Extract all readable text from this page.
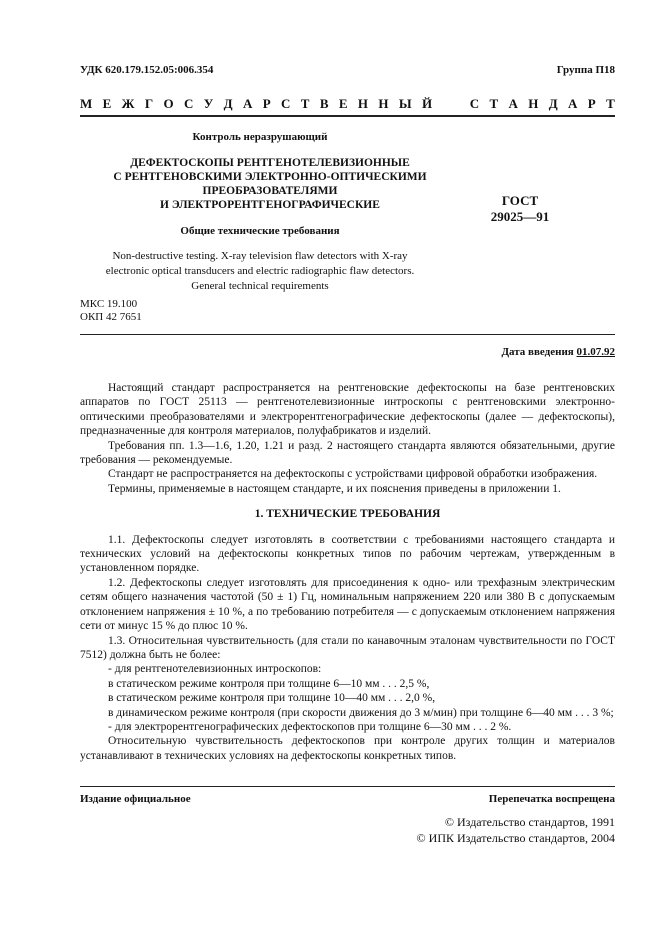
УДК 620.179.152.05:006.354	Группа П18
М Е Ж Г О С У Д А Р С Т В Е Н Н Ы Й

	С Т А Н Д А Р Т
Контроль неразрушающий
ДЕФЕКТОСКОПЫ РЕНТГЕНОТЕЛЕВИЗИОННЫЕ
С РЕНТГЕНОВСКИМИ ЭЛЕКТРОННО-ОПТИЧЕСКИМИ
ПРЕОБРАЗОВАТЕЛЯМИ
И ЭЛЕКТРОРЕНТГЕНОГРАФИЧЕСКИЕ	ГОСТ
29025—91
Общие технические требования
Non-destructive testing. X-ray television flaw detectors with X-ray
electronic optical transducers and electric radiographic flaw detectors.
General technical requirements
МКС 19.100
ОКП 42 7651
Дата введения 01.07.92

Настоящий стандарт распространяется на рентгеновские дефектоскопы на базе рентгеновских аппаратов по ГОСТ 25113 — рентгенотелевизионные интроскопы с рентгеновскими электронно-оптическими преобразователями и электрорентгенографические дефектоскопы (далее — дефектоскопы), предназначенные для контроля материалов, полуфабрикатов и изделий.

Требования пп. 1.3—1.6, 1.20, 1.21 и разд. 2 настоящего стандарта являются обязательными, другие требования — рекомендуемые.

Стандарт не распространяется на дефектоскопы с устройствами цифровой обработки изображения.

Термины, применяемые в настоящем стандарте, и их пояснения приведены в приложении 1.

1. ТЕХНИЧЕСКИЕ ТРЕБОВАНИЯ

1.1. Дефектоскопы следует изготовлять в соответствии с требованиями настоящего стандарта и технических условий на дефектоскопы конкретных типов по рабочим чертежам, утвержденным в установленном порядке.

1.2. Дефектоскопы следует изготовлять для присоединения к одно- или трехфазным электрическим сетям общего назначения частотой (50 ± 1) Гц, номинальным напряжением 220 или 380 В с допускаемым отклонением напряжения ± 10 %, а по требованию потребителя — с допускаемым отклонением напряжения сети от минус 15 % до плюс 10 %.

1.3. Относительная чувствительность (для стали по канавочным эталонам чувствительности по ГОСТ 7512) должна быть не более:

- для рентгенотелевизионных интроскопов:

в статическом режиме контроля при толщине 6—10 мм . . . 2,5 %,

в статическом режиме контроля при толщине 10—40 мм . . . 2,0 %,

в динамическом режиме контроля (при скорости движения до 3 м/мин) при толщине 6—40 мм . . . 3 %;

- для электрорентгенографических дефектоскопов при толщине 6—30 мм . . . 2 %.

Относительную чувствительность дефектоскопов при контроле других толщин и материалов устанавливают в технических условиях на дефектоскопы конкретных типов.

Издание официальное	Перепечатка воспрещена
© Издательство стандартов, 1991
© ИПК Издательство стандартов, 2004
